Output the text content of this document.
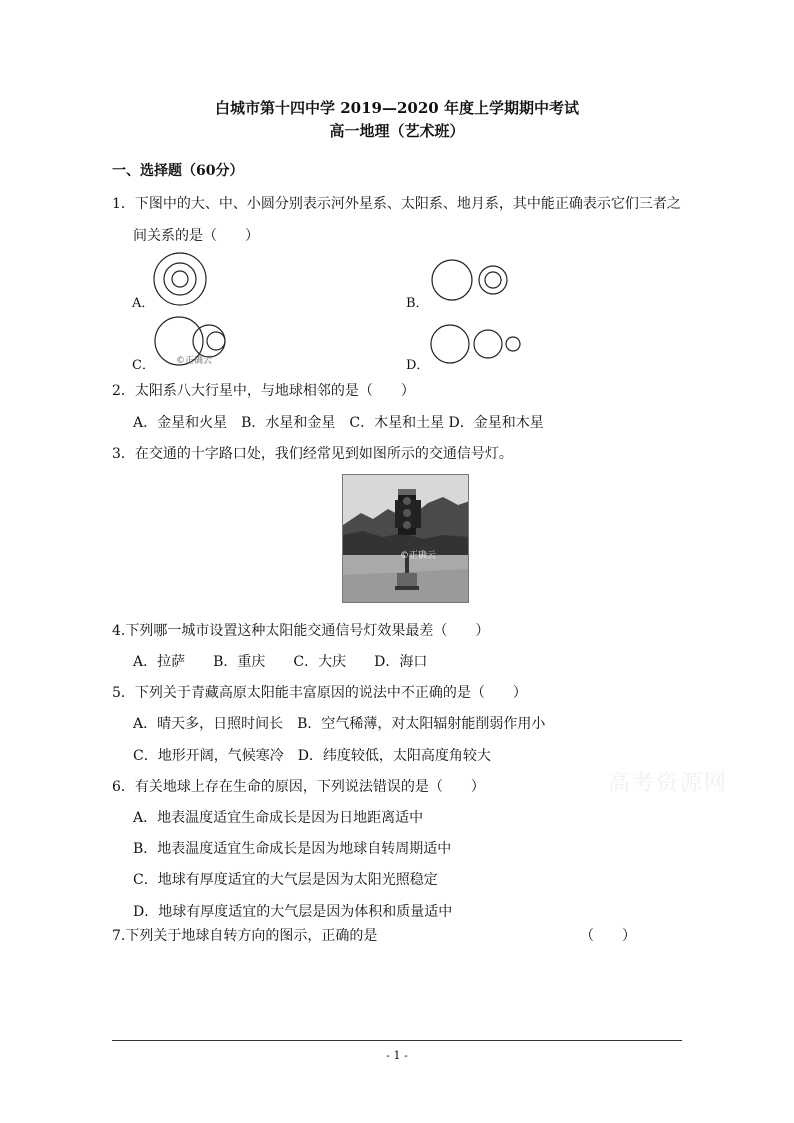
白城市第十四中学 2019—2020 年度上学期期中考试
高一地理（艺术班）
一、选择题（60分）
1．下图中的大、中、小圆分别表示河外星系、太阳系、地月系，其中能正确表示它们三者之
间关系的是（　　）
A．	B．
C． ©正确云	D．
2．太阳系八大行星中，与地球相邻的是（　　）
A．金星和火星　B．水星和金星　C．木星和土星 D．金星和木星
3．在交通的十字路口处，我们经常见到如图所示的交通信号灯。
©正确云
4.下列哪一城市设置这种太阳能交通信号灯效果最差（　　）
A．拉萨　　B．重庆　　C．大庆　　D．海口
5．下列关于青藏高原太阳能丰富原因的说法中不正确的是（　　）
A．晴天多，日照时间长　B．空气稀薄，对太阳辐射能削弱作用小
C．地形开阔，气候寒冷　D．纬度较低，太阳高度角较大
6．有关地球上存在生命的原因，下列说法错误的是（　　）
A．地表温度适宜生命成长是因为日地距离适中
B．地表温度适宜生命成长是因为地球自转周期适中
C．地球有厚度适宜的大气层是因为太阳光照稳定
D．地球有厚度适宜的大气层是因为体积和质量适中
7.下列关于地球自转方向的图示，正确的是	（　　）
高考资源网
- 1 -
